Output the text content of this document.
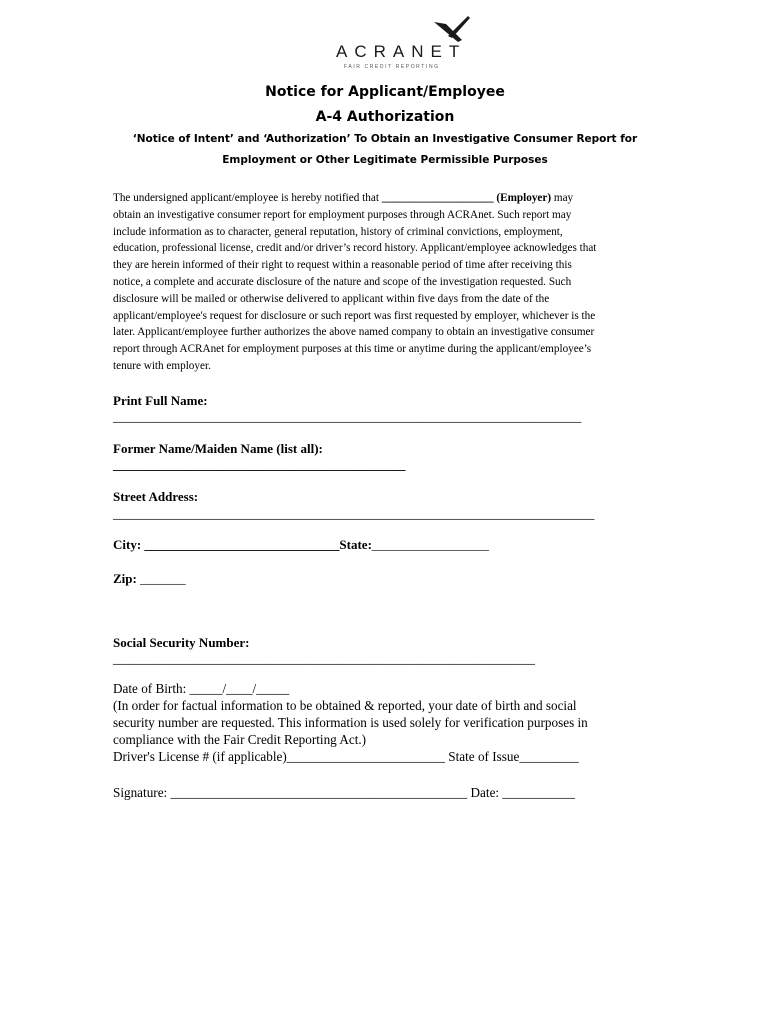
ACRANET
FAIR CREDIT REPORTING
Notice for Applicant/Employee
A-4 Authorization
‘Notice of Intent’ and ‘Authorization’ To Obtain an Investigative Consumer Report for
Employment or Other Legitimate Permissible Purposes
The undersigned applicant/employee is hereby notified that ____________________ (Employer) may
obtain an investigative consumer report for employment purposes through ACRAnet. Such report may
include information as to character, general reputation, history of criminal convictions, employment,
education, professional license, credit and/or driver’s record history. Applicant/employee acknowledges that
they are herein informed of their right to request within a reasonable period of time after receiving this
notice, a complete and accurate disclosure of the nature and scope of the investigation requested. Such
disclosure will be mailed or otherwise delivered to applicant within five days from the date of the
applicant/employee's request for disclosure or such report was first requested by employer, whichever is the
later. Applicant/employee further authorizes the above named company to obtain an investigative consumer
report through ACRAnet for employment purposes at this time or anytime during the applicant/employee’s
tenure with employer.
Print Full Name:
_______________________________________________________________________
Former Name/Maiden Name (list all):
_____________________________________________
Street Address:
_________________________________________________________________________
City: ______________________________State:__________________
Zip: _______
Social Security Number:
________________________________________________________________
Date of Birth: _____/____/_____
(In order for factual information to be obtained & reported, your date of birth and social
security number are requested. This information is used solely for verification purposes in
compliance with the Fair Credit Reporting Act.)
Driver's License # (if applicable)________________________ State of Issue_________
Signature: _____________________________________________ Date: ___________
